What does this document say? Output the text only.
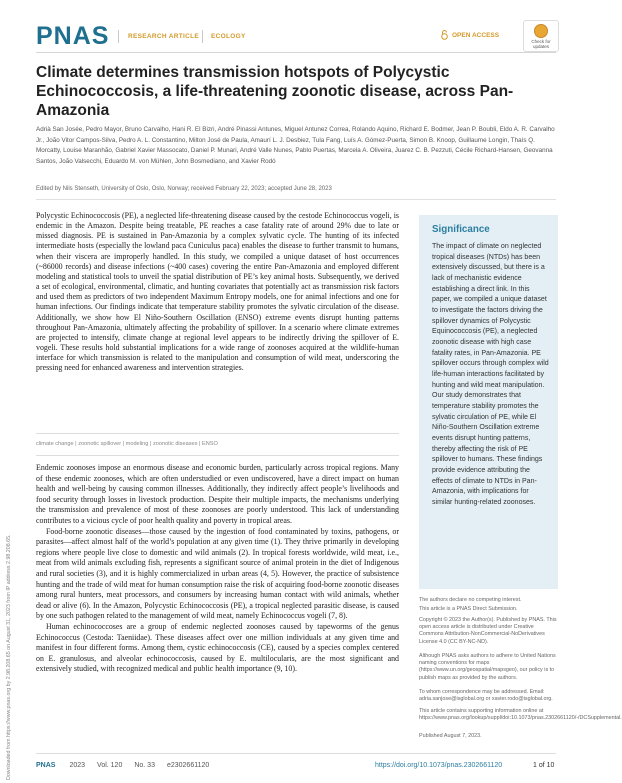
PNAS	RESEARCH ARTICLE ECOLOGY	OPEN ACCESS
Check for updates
Climate determines transmission hotspots of Polycystic Echinococcosis, a life-threatening zoonotic disease, across Pan-Amazonia
Adrià San Josée, Pedro Mayor, Bruno Carvalho, Hani R. El Bizri, André Pinassi Antunes, Miguel Antunez Correa, Rolando Aquino, Richard E. Bodmer, Jean P. Boubli, Eldo A. R. Carvalho Jr., João Vitor Campos-Silva, Pedro A. L. Constantino, Milton José de Paula, Amaurí L. J. Desbiez, Tula Fang, Luís A. Gómez-Puerta, Simon B. Knoop, Guillaume Longin, Thaís Q. Morcatty, Louise Maranhão, Gabriel Xavier Massocato, Daniel P. Munari, André Valle Nunes, Pablo Puertas, Marcela A. Oliveira, Juarez C. B. Pezzuti, Cécile Richard-Hansen, Geovanna Santos, João Valsecchi, Eduardo M. von Mühlen, John Bosmediano, and Xavier Rodó
Edited by Nils Stenseth, University of Oslo, Oslo, Norway; received February 22, 2023; accepted June 28, 2023
Polycystic Echinococcosis (PE), a neglected life-threatening disease caused by the cestode Echinococcus vogeli, is endemic in the Amazon. Despite being treatable, PE reaches a case fatality rate of around 29% due to late or missed diagnosis. PE is sustained in Pan-Amazonia by a complex sylvatic cycle. The hunting of its infected intermediate hosts (especially the lowland paca Cuniculus paca) enables the disease to further transmit to humans, when their viscera are improperly handled. In this study, we compiled a unique dataset of host occurrences (~86000 records) and disease infections (~400 cases) covering the entire Pan-Amazonia and employed different modeling and statistical tools to unveil the spatial distribution of PE’s key animal hosts. Subsequently, we derived a set of ecological, environmental, climatic, and hunting covariates that potentially act as transmission risk factors and used them as predictors of two independent Maximum Entropy models, one for animal infections and one for human infections. Our findings indicate that temperature stability promotes the sylvatic circulation of the disease. Additionally, we show how El Niño-Southern Oscillation (ENSO) extreme events disrupt hunting patterns throughout Pan-Amazonia, ultimately affecting the probability of spillover. In a scenario where climate extremes are projected to intensify, climate change at regional level appears to be indirectly driving the spillover of E. vogeli. These results hold substantial implications for a wide range of zoonoses acquired at the wildlife-human interface for which transmission is related to the manipulation and consumption of wild meat, underscoring the pressing need for enhanced awareness and intervention strategies.
climate change | zoonotic spillover | modeling | zoonotic diseases | ENSO

Endemic zoonoses impose an enormous disease and economic burden, particularly across tropical regions. Many of these endemic zoonoses, which are often understudied or even undiscovered, have a direct impact on human health and well-being by causing common illnesses. Additionally, they indirectly affect people’s livelihoods and food security through losses in livestock production. Despite their multiple impacts, the mechanisms underlying the transmission and prevalence of most of these zoonoses are poorly understood. This lack of understanding contributes to a vicious cycle of poor health quality and poverty in tropical areas.

Food-borne zoonotic diseases—those caused by the ingestion of food contaminated by toxins, pathogens, or parasites—affect almost half of the world’s population at any given time (1). They thrive primarily in developing regions where people live close to domestic and wild animals (2). In tropical forests worldwide, wild meat, i.e., meat from wild animals excluding fish, represents a significant source of animal protein in the diet of Indigenous and rural societies (3), and it is highly commercialized in urban areas (4, 5). However, the practice of subsistence hunting and the trade of wild meat for human consumption raise the risk of acquiring food-borne zoonotic diseases among rural hunters, meat processors, and consumers by increasing human contact with wild animals, whether dead or alive (6). In the Amazon, Polycystic Echinococcosis (PE), a tropical neglected parasitic disease, is caused by one such pathogen related to the management of wild meat, namely Echinococcus vogeli (7, 8).

Human echinococcoses are a group of endemic neglected zoonoses caused by tapeworms of the genus Echinococcus (Cestoda: Taeniidae). These diseases affect over one million individuals at any given time and manifest in four different forms. Among them, cystic echinococcosis (CE), caused by a species complex centered on E. granulosus, and alveolar echinococcosis, caused by E. multilocularis, are the most significant and extensively studied, with recognized medical and public health importance (9, 10).

Significance
The impact of climate on neglected tropical diseases (NTDs) has been extensively discussed, but there is a lack of mechanistic evidence establishing a direct link. In this paper, we compiled a unique dataset to investigate the factors driving the spillover dynamics of Polycystic Equinococcosis (PE), a neglected zoonotic disease with high case fatality rates, in Pan-Amazonia. PE spillover occurs through complex wild life-human interactions facilitated by hunting and wild meat manipulation. Our study demonstrates that temperature stability promotes the sylvatic circulation of PE, while El Niño-Southern Oscillation extreme events disrupt hunting patterns, thereby affecting the risk of PE spillover to humans. These findings provide evidence attributing the effects of climate to NTDs in Pan-Amazonia, with implications for similar hunting-related zoonoses.
The authors declare no competing interest.
This article is a PNAS Direct Submission.
Copyright © 2023 the Author(s). Published by PNAS. This open access article is distributed under Creative Commons Attribution-NonCommercial-NoDerivatives License 4.0 (CC BY-NC-ND).
Although PNAS asks authors to adhere to United Nations naming conventions for maps (https://www.un.org/geospatial/mapsgeo), our policy is to publish maps as provided by the authors.
To whom correspondence may be addressed. Email: adria.sanjose@isglobal.org or xavier.rodo@isglobal.org.
This article contains supporting information online at https://www.pnas.org/lookup/suppl/doi:10.1073/pnas.2302661120/-/DCSupplemental.
Published August 7, 2023.
Downloaded from https://www.pnas.org by 2.98.208.65 on August 31, 2023 from IP address 2.98.208.65.	PNAS 2023 Vol. 120 No. 33 e2302661120	https://doi.org/10.1073/pnas.2302661120	1 of 10
